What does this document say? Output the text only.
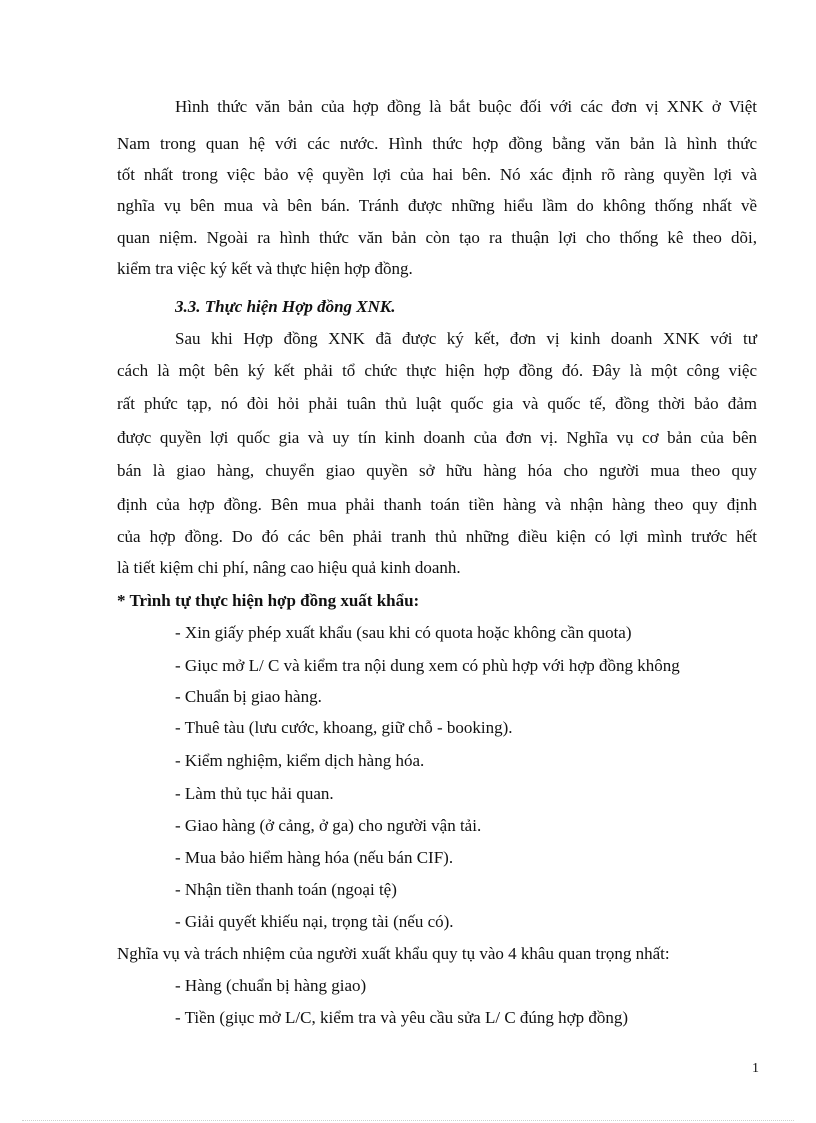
Hình thức văn bản của hợp đồng là bắt buộc đối với các đơn vị XNK ở Việt
Nam trong quan hệ với các nước. Hình thức hợp đồng bằng văn bản là hình thức
tốt nhất trong việc bảo vệ quyền lợi của hai bên. Nó xác định rõ ràng quyền lợi và
nghĩa vụ bên mua và bên bán. Tránh được những hiểu lầm do không thống nhất về
quan niệm. Ngoài ra hình thức văn bản còn tạo ra thuận lợi cho thống kê theo dõi,
kiểm tra việc ký kết và thực hiện hợp đồng.
3.3. Thực hiện Hợp đồng XNK.
Sau khi Hợp đồng XNK đã được ký kết, đơn vị kinh doanh XNK với tư
cách là một bên ký kết phải tổ chức thực hiện hợp đồng đó. Đây là một công việc
rất phức tạp, nó đòi hỏi phải tuân thủ luật quốc gia và quốc tế, đồng thời bảo đảm
được quyền lợi quốc gia và uy tín kinh doanh của đơn vị. Nghĩa vụ cơ bản của bên
bán là giao hàng, chuyển giao quyền sở hữu hàng hóa cho người mua theo quy
định của hợp đồng. Bên mua phải thanh toán tiền hàng và nhận hàng theo quy định
của hợp đồng. Do đó các bên phải tranh thủ những điều kiện có lợi mình trước hết
là tiết kiệm chi phí, nâng cao hiệu quả kinh doanh.
* Trình tự thực hiện hợp đồng xuất khẩu:
- Xin giấy phép xuất khẩu (sau khi có quota hoặc không cần quota)
- Giục mở L/ C và kiểm tra nội dung xem có phù hợp với hợp đồng không
- Chuẩn bị giao hàng.
- Thuê tàu (lưu cước, khoang, giữ chỗ - booking).
- Kiểm nghiệm, kiểm dịch hàng hóa.
- Làm thủ tục hải quan.
- Giao hàng (ở cảng, ở ga) cho người vận tải.
- Mua bảo hiểm hàng hóa (nếu bán CIF).
- Nhận tiền thanh toán (ngoại tệ)
- Giải quyết khiếu nại, trọng tài (nếu có).
Nghĩa vụ và trách nhiệm của người xuất khẩu quy tụ vào 4 khâu quan trọng nhất:
- Hàng (chuẩn bị hàng giao)
- Tiền (giục mở L/C, kiểm tra và yêu cầu sửa L/ C đúng hợp đồng)
1
